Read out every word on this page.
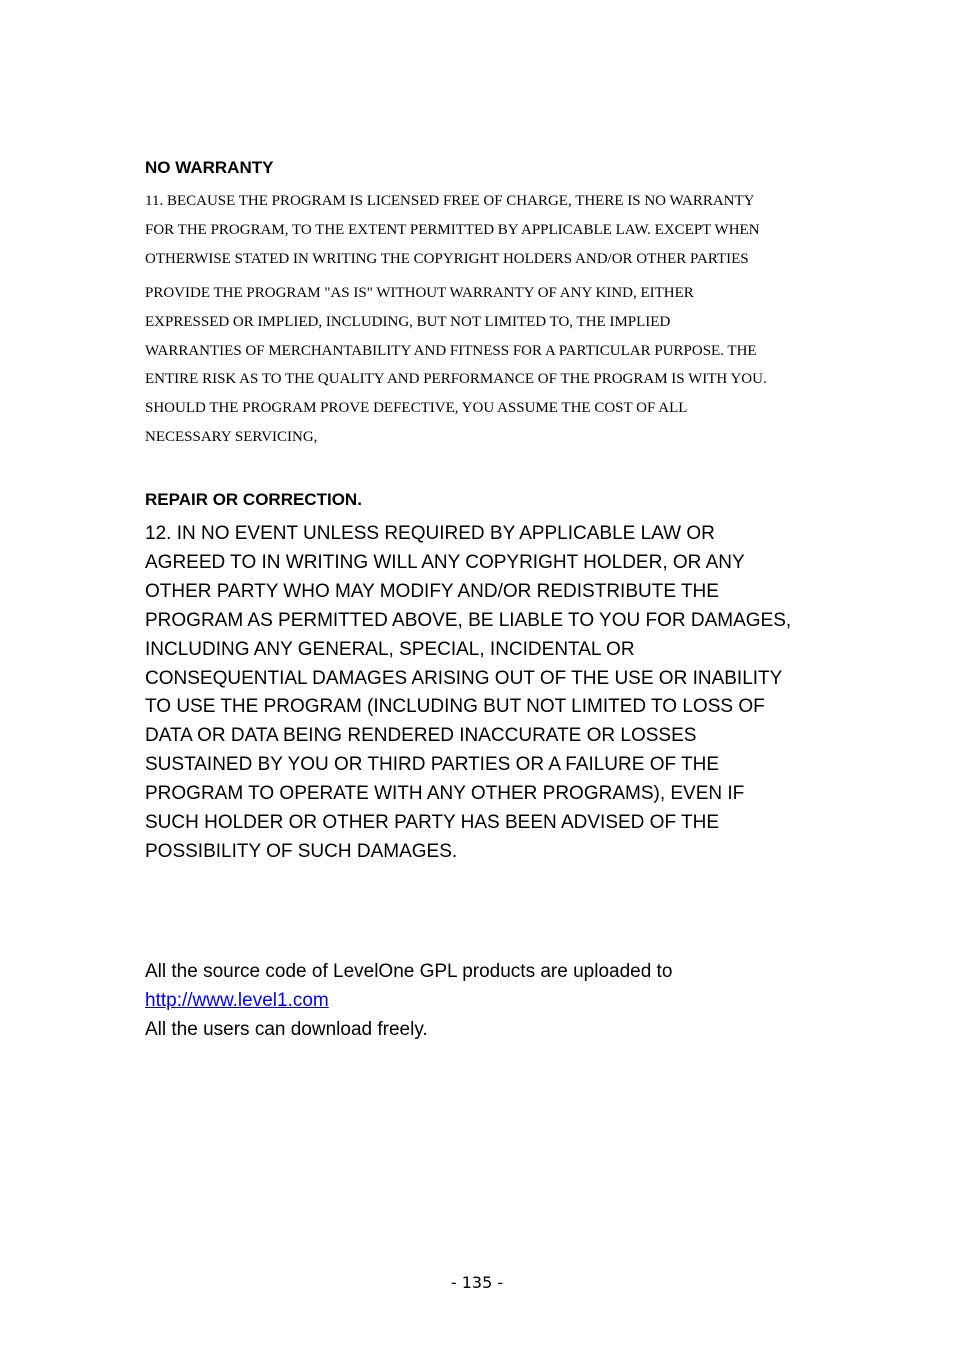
NO WARRANTY

11. BECAUSE THE PROGRAM IS LICENSED FREE OF CHARGE, THERE IS NO WARRANTY

FOR THE PROGRAM, TO THE EXTENT PERMITTED BY APPLICABLE LAW. EXCEPT WHEN

OTHERWISE STATED IN WRITING THE COPYRIGHT HOLDERS AND/OR OTHER PARTIES

PROVIDE THE PROGRAM "AS IS" WITHOUT WARRANTY OF ANY KIND, EITHER

EXPRESSED OR IMPLIED, INCLUDING, BUT NOT LIMITED TO, THE IMPLIED

WARRANTIES OF MERCHANTABILITY AND FITNESS FOR A PARTICULAR PURPOSE. THE

ENTIRE RISK AS TO THE QUALITY AND PERFORMANCE OF THE PROGRAM IS WITH YOU.

SHOULD THE PROGRAM PROVE DEFECTIVE, YOU ASSUME THE COST OF ALL

NECESSARY SERVICING,

REPAIR OR CORRECTION.

12. IN NO EVENT UNLESS REQUIRED BY APPLICABLE LAW OR

AGREED TO IN WRITING WILL ANY COPYRIGHT HOLDER, OR ANY

OTHER PARTY WHO MAY MODIFY AND/OR REDISTRIBUTE THE

PROGRAM AS PERMITTED ABOVE, BE LIABLE TO YOU FOR DAMAGES,

INCLUDING ANY GENERAL, SPECIAL, INCIDENTAL OR

CONSEQUENTIAL DAMAGES ARISING OUT OF THE USE OR INABILITY

TO USE THE PROGRAM (INCLUDING BUT NOT LIMITED TO LOSS OF

DATA OR DATA BEING RENDERED INACCURATE OR LOSSES

SUSTAINED BY YOU OR THIRD PARTIES OR A FAILURE OF THE

PROGRAM TO OPERATE WITH ANY OTHER PROGRAMS), EVEN IF

SUCH HOLDER OR OTHER PARTY HAS BEEN ADVISED OF THE

POSSIBILITY OF SUCH DAMAGES.

All the source code of LevelOne GPL products are uploaded to

http://www.level1.com

All the users can download freely.

- 135 -
